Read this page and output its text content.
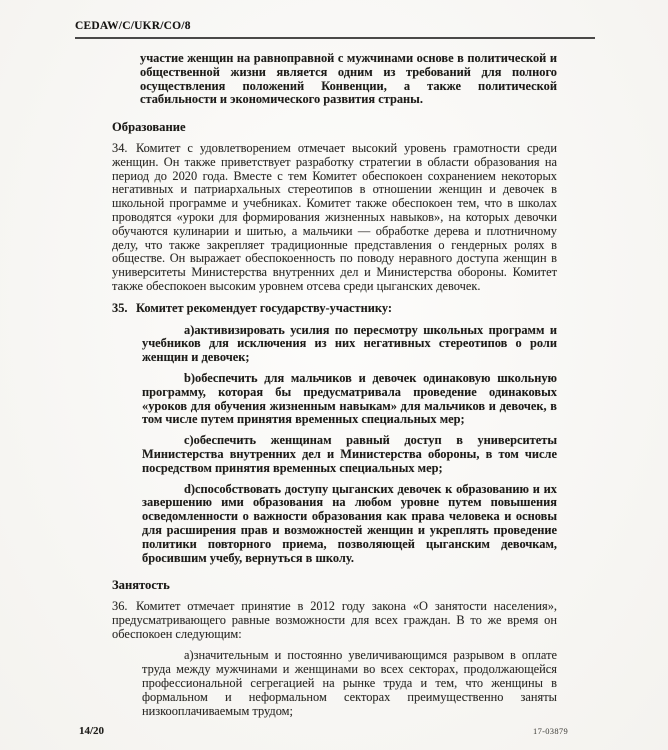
CEDAW/C/UKR/CO/8

участие женщин на равноправной с мужчинами основе в политической и общественной жизни является одним из требований для полного осуществления положений Конвенции, а также политической стабильности и экономического развития страны.

Образование

34. Комитет с удовлетворением отмечает высокий уровень грамотности среди женщин. Он также приветствует разработку стратегии в области образования на период до 2020 года. Вместе с тем Комитет обеспокоен сохранением некоторых негативных и патриархальных стереотипов в отношении женщин и девочек в школьной программе и учебниках. Комитет также обеспокоен тем, что в школах проводятся «уроки для формирования жизненных навыков», на которых девочки обучаются кулинарии и шитью, а мальчики — обработке дерева и плотничному делу, что также закрепляет традиционные представления о гендерных ролях в обществе. Он выражает обеспокоенность по поводу неравного доступа женщин в университеты Министерства внутренних дел и Министерства обороны. Комитет также обеспокоен высоким уровнем отсева среди цыганских девочек.

35. Комитет рекомендует государству-участнику:

a)активизировать усилия по пересмотру школьных программ и учебников для исключения из них негативных стереотипов о роли женщин и девочек;

b)обеспечить для мальчиков и девочек одинаковую школьную программу, которая бы предусматривала проведение одинаковых «уроков для обучения жизненным навыкам» для мальчиков и девочек, в том числе путем принятия временных специальных мер;

c)обеспечить женщинам равный доступ в университеты Министерства внутренних дел и Министерства обороны, в том числе посредством принятия временных специальных мер;

d)способствовать доступу цыганских девочек к образованию и их завершению ими образования на любом уровне путем повышения осведомленности о важности образования как права человека и основы для расширения прав и возможностей женщин и укреплять проведение политики повторного приема, позволяющей цыганским девочкам, бросившим учебу, вернуться в школу.

Занятость

36. Комитет отмечает принятие в 2012 году закона «О занятости населения», предусматривающего равные возможности для всех граждан. В то же время он обеспокоен следующим:

a)значительным и постоянно увеличивающимся разрывом в оплате труда между мужчинами и женщинами во всех секторах, продолжающейся профессиональной сегрегацией на рынке труда и тем, что женщины в формальном и неформальном секторах преимущественно заняты низкооплачиваемым трудом;

14/20	17-03879
